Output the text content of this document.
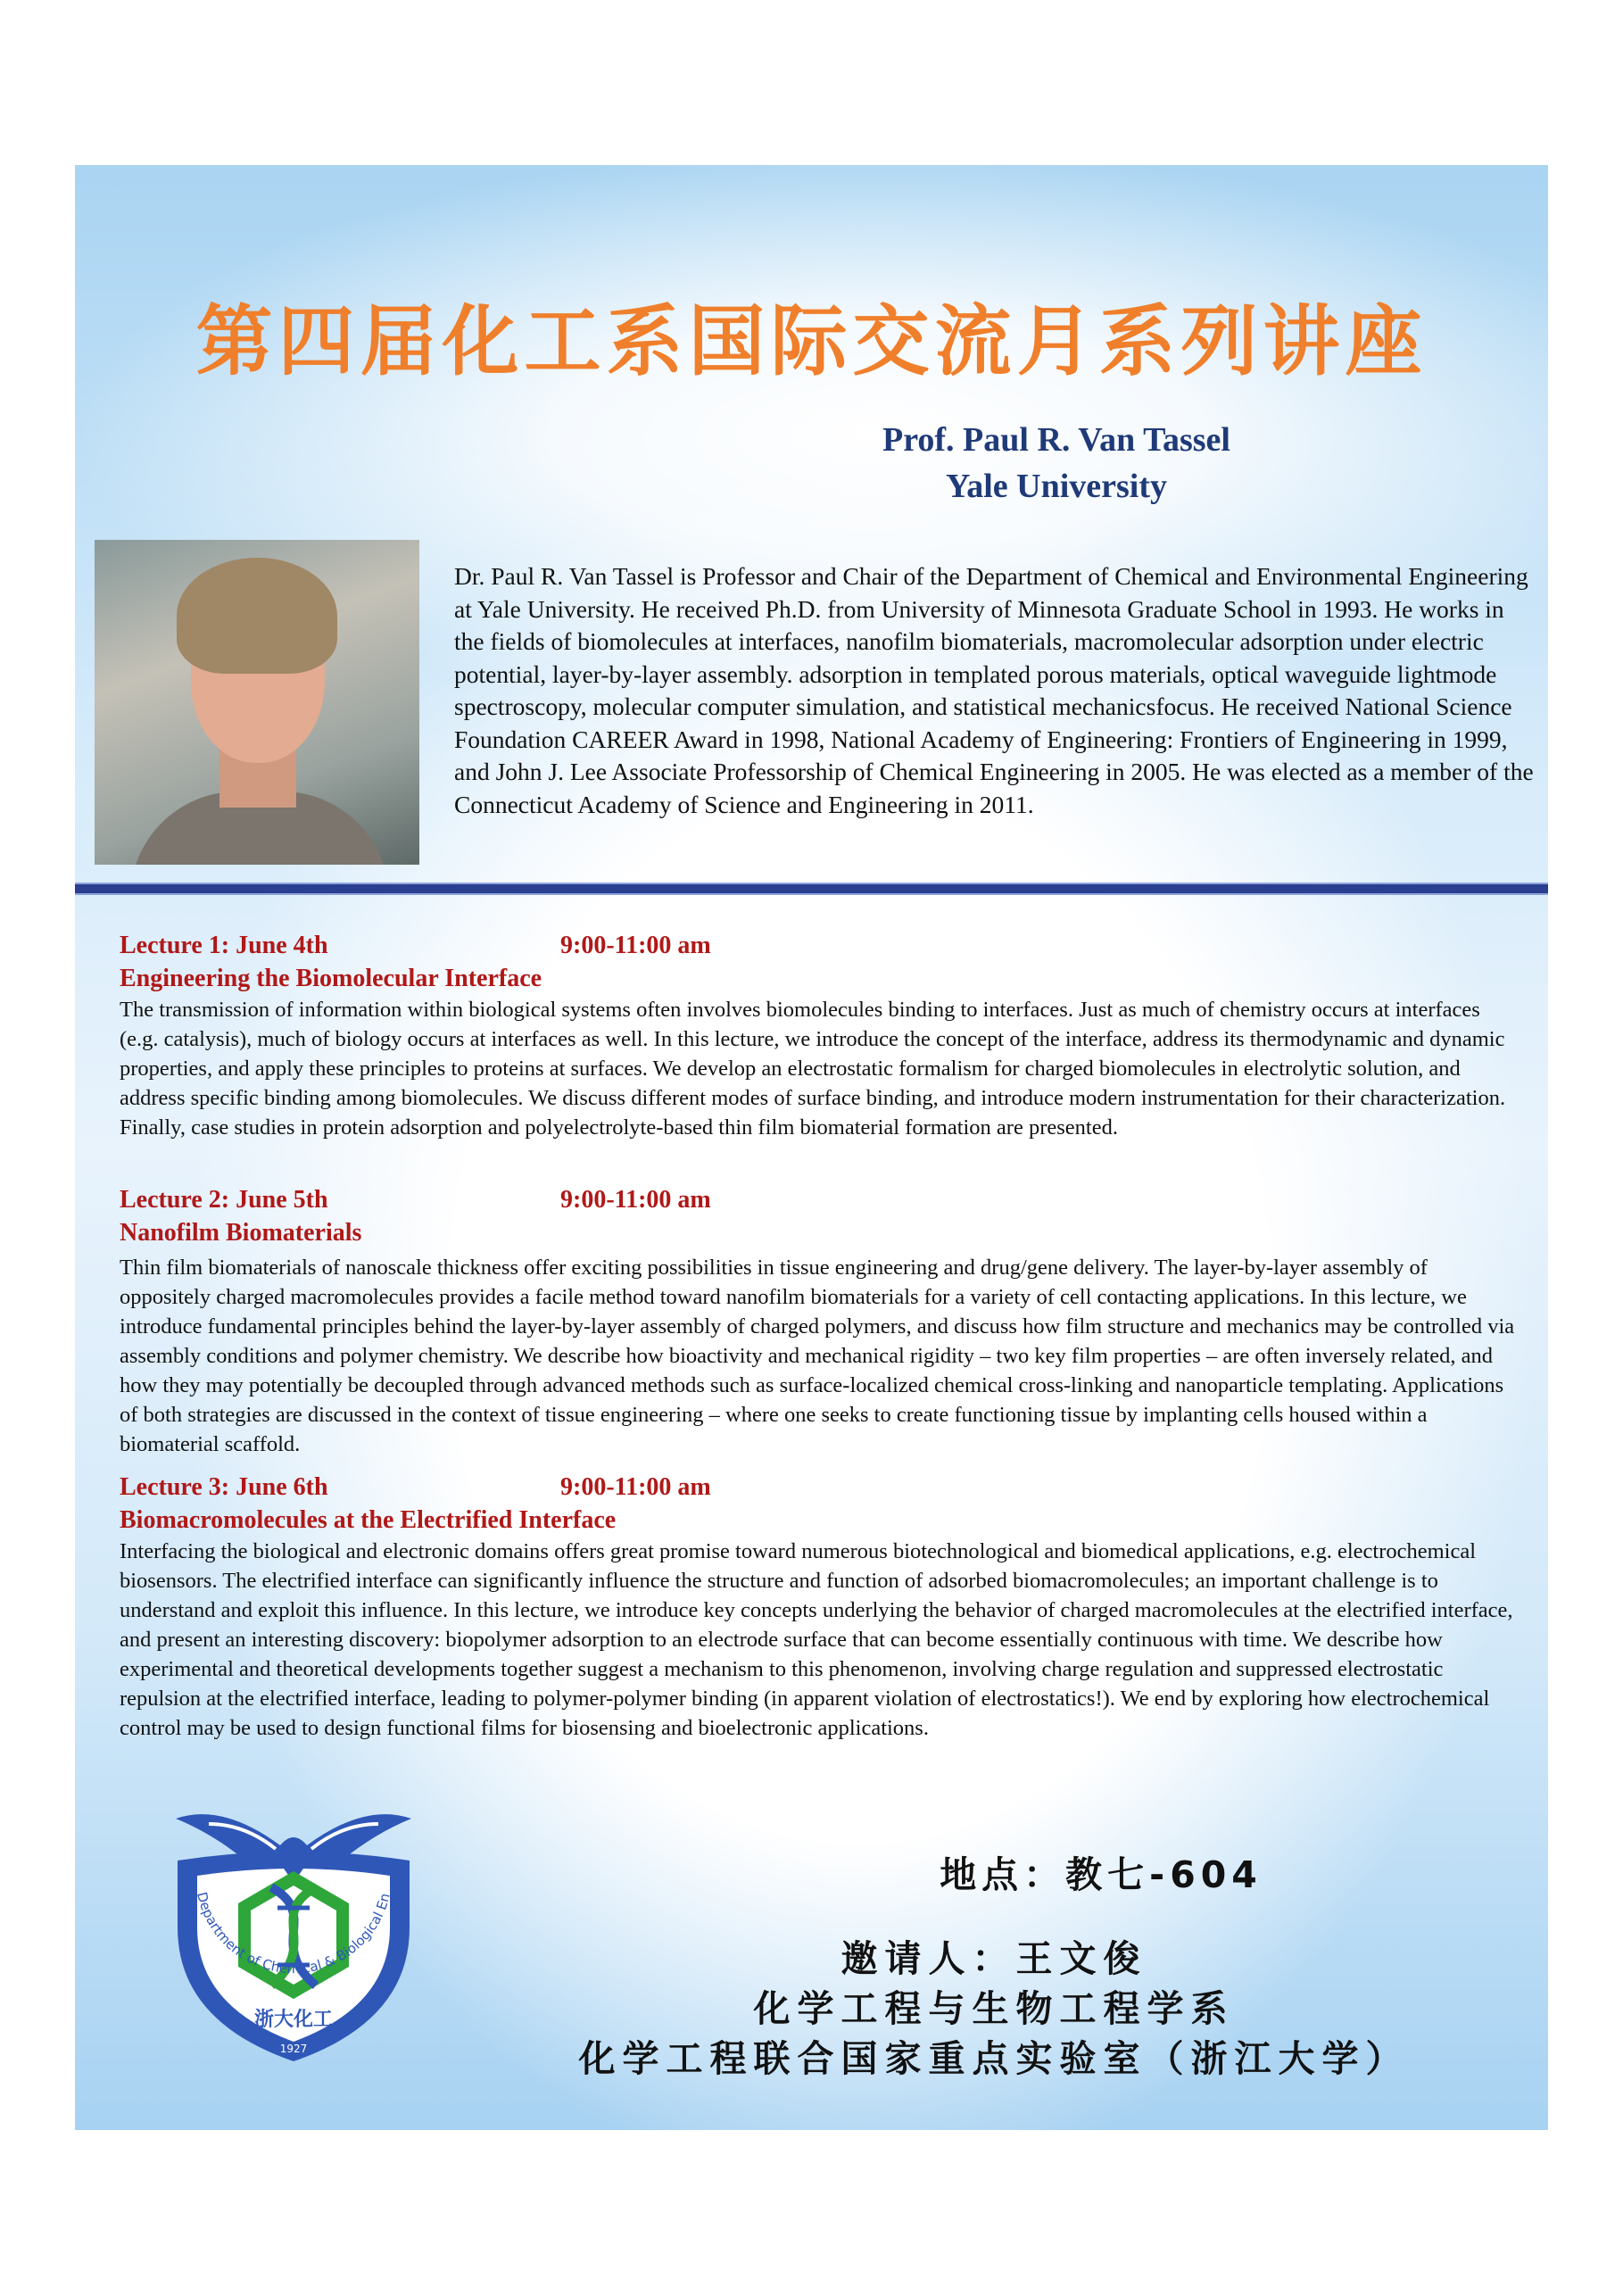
第四届化工系国际交流月系列讲座
Prof. Paul R. Van Tassel
Yale University

Dr. Paul R. Van Tassel is Professor and Chair of the Department of Chemical and Environmental Engineering at Yale University. He received Ph.D. from University of Minnesota Graduate School in 1993. He works in the fields of biomolecules at interfaces, nanofilm biomaterials, macromolecular adsorption under electric potential, layer-by-layer assembly. adsorption in templated porous materials, optical waveguide lightmode spectroscopy, molecular computer simulation, and statistical mechanicsfocus. He received National Science Foundation CAREER Award in 1998, National Academy of Engineering: Frontiers of Engineering in 1999, and John J. Lee Associate Professorship of Chemical Engineering in 2005. He was elected as a member of the Connecticut Academy of Science and Engineering in 2011.

Lecture 1: June 4th	9:00-11:00 am
Engineering the Biomolecular Interface

The transmission of information within biological systems often involves biomolecules binding to interfaces. Just as much of chemistry occurs at interfaces (e.g. catalysis), much of biology occurs at interfaces as well. In this lecture, we introduce the concept of the interface, address its thermodynamic and dynamic properties, and apply these principles to proteins at surfaces. We develop an electrostatic formalism for charged biomolecules in electrolytic solution, and address specific binding among biomolecules. We discuss different modes of surface binding, and introduce modern instrumentation for their characterization. Finally, case studies in protein adsorption and polyelectrolyte-based thin film biomaterial formation are presented.

Lecture 2: June 5th	9:00-11:00 am
Nanofilm Biomaterials

Thin film biomaterials of nanoscale thickness offer exciting possibilities in tissue engineering and drug/gene delivery. The layer-by-layer assembly of oppositely charged macromolecules provides a facile method toward nanofilm biomaterials for a variety of cell contacting applications. In this lecture, we introduce fundamental principles behind the layer-by-layer assembly of charged polymers, and discuss how film structure and mechanics may be controlled via assembly conditions and polymer chemistry. We describe how bioactivity and mechanical rigidity – two key film properties – are often inversely related, and how they may potentially be decoupled through advanced methods such as surface-localized chemical cross-linking and nanoparticle templating. Applications of both strategies are discussed in the context of tissue engineering – where one seeks to create functioning tissue by implanting cells housed within a biomaterial scaffold.

Lecture 3: June 6th	9:00-11:00 am
Biomacromolecules at the Electrified Interface

Interfacing the biological and electronic domains offers great promise toward numerous biotechnological and biomedical applications, e.g. electrochemical biosensors. The electrified interface can significantly influence the structure and function of adsorbed biomacromolecules; an important challenge is to understand and exploit this influence. In this lecture, we introduce key concepts underlying the behavior of charged macromolecules at the electrified interface, and present an interesting discovery: biopolymer adsorption to an electrode surface that can become essentially continuous with time. We describe how experimental and theoretical developments together suggest a mechanism to this phenomenon, involving charge regulation and suppressed electrostatic repulsion at the electrified interface, leading to polymer-polymer binding (in apparent violation of electrostatics!). We end by exploring how electrochemical control may be used to design functional films for biosensing and bioelectronic applications.

Department of Chemical & Biological En
浙大化工
1927
地点：教七-604
邀请人：王文俊
化学工程与生物工程学系
化学工程联合国家重点实验室（浙江大学）
